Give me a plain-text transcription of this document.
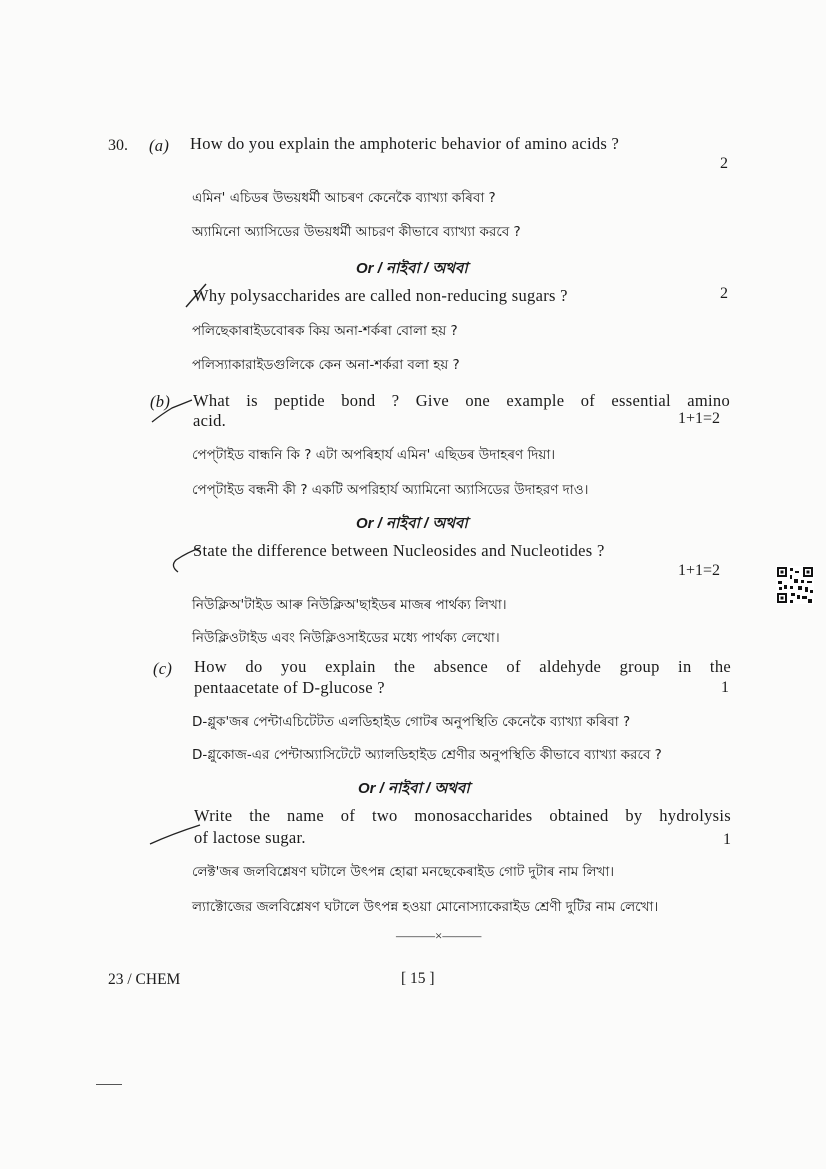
30. (a) How do you explain the amphoteric behavior of amino acids ?
2
এমিন' এচিডৰ উভয়ধৰ্মী আচৰণ কেনেকৈ ব্যাখ্যা কৰিবা ?
অ্যামিনো অ্যাসিডের উভয়ধর্মী আচরণ কীভাবে ব্যাখ্যা করবে ?
Or / নাইবা / অথবা
Why polysaccharides are called non-reducing sugars ?	2
পলিছেকাৰাইডবোৰক কিয় অনা-শৰ্কৰা বোলা হয় ?
পলিস্যাকারাইডগুলিকে কেন অনা-শর্করা বলা হয় ?
(b) What is peptide bond ? Give one example of essential amino
acid.	1+1=2
পেপ্‌টাইড বান্ধনি কি ? এটা অপৰিহাৰ্য এমিন' এছিডৰ উদাহৰণ দিয়া।
পেপ্‌টাইড বন্ধনী কী ? একটি অপরিহার্য অ্যামিনো অ্যাসিডের উদাহরণ দাও।
Or / নাইবা / অথবা
State the difference between Nucleosides and Nucleotides ?
1+1=2
নিউক্লিঅ'টাইড আৰু নিউক্লিঅ'ছাইডৰ মাজৰ পাৰ্থক্য লিখা।
নিউক্লিওটাইড এবং নিউক্লিওসাইডের মধ্যে পার্থক্য লেখো।
(c) How do you explain the absence of aldehyde group in the
pentaacetate of D-glucose ?	1
D-গ্লুক'জৰ পেন্টাএচিটেটত এলডিহাইড গোটৰ অনুপস্থিতি কেনেকৈ ব্যাখ্যা কৰিবা ?
D-গ্লুকোজ-এর পেন্টাঅ্যাসিটেটে অ্যালডিহাইড শ্রেণীর অনুপস্থিতি কীভাবে ব্যাখ্যা করবে ?
Or / নাইবা / অথবা
Write the name of two monosaccharides obtained by hydrolysis
of lactose sugar.	1
লেক্ট'জৰ জলবিশ্লেষণ ঘটালে উৎপন্ন হোৱা মনছেকেৰাইড গোট দুটাৰ নাম লিখা।
ল্যাক্টোজের জলবিশ্লেষণ ঘটালে উৎপন্ন হওয়া মোনোস্যাকেরাইড শ্রেণী দুটির নাম লেখো।
———×———
23 / CHEM	[ 15 ]
